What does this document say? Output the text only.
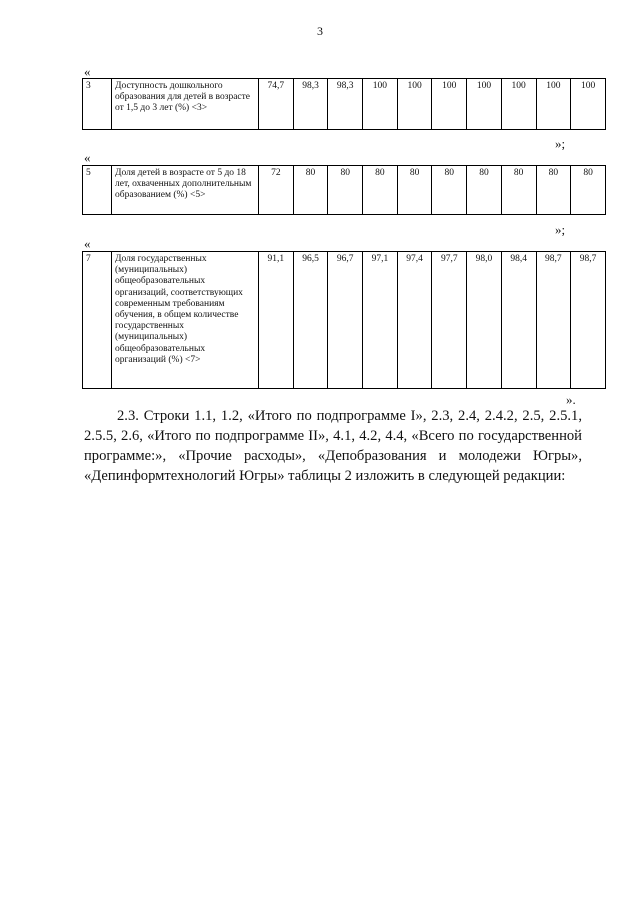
3
«
3	Доступность дошкольного образования для детей в возрасте от 1,5 до 3 лет (%) <3>	74,7	98,3	98,3	100	100	100	100	100	100	100
»;
«
5	Доля детей в возрасте от 5 до 18 лет, охваченных дополнительным образованием (%) <5>	72	80	80	80	80	80	80	80	80	80
»;
«
7	Доля государственных (муниципальных) общеобразовательных организаций, соответствующих современным требованиям обучения, в общем количестве государственных (муниципальных) общеобразовательных организаций (%) <7>	91,1	96,5	96,7	97,1	97,4	97,7	98,0	98,4	98,7	98,7
».
2.3. Строки 1.1, 1.2, «Итого по подпрограмме I», 2.3, 2.4, 2.4.2, 2.5, 2.5.1, 2.5.5, 2.6, «Итого по подпрограмме II», 4.1, 4.2, 4.4, «Всего по государственной программе:», «Прочие расходы», «Депобразования и молодежи Югры», «Депинформтехнологий Югры» таблицы 2 изложить в следующей редакции:
